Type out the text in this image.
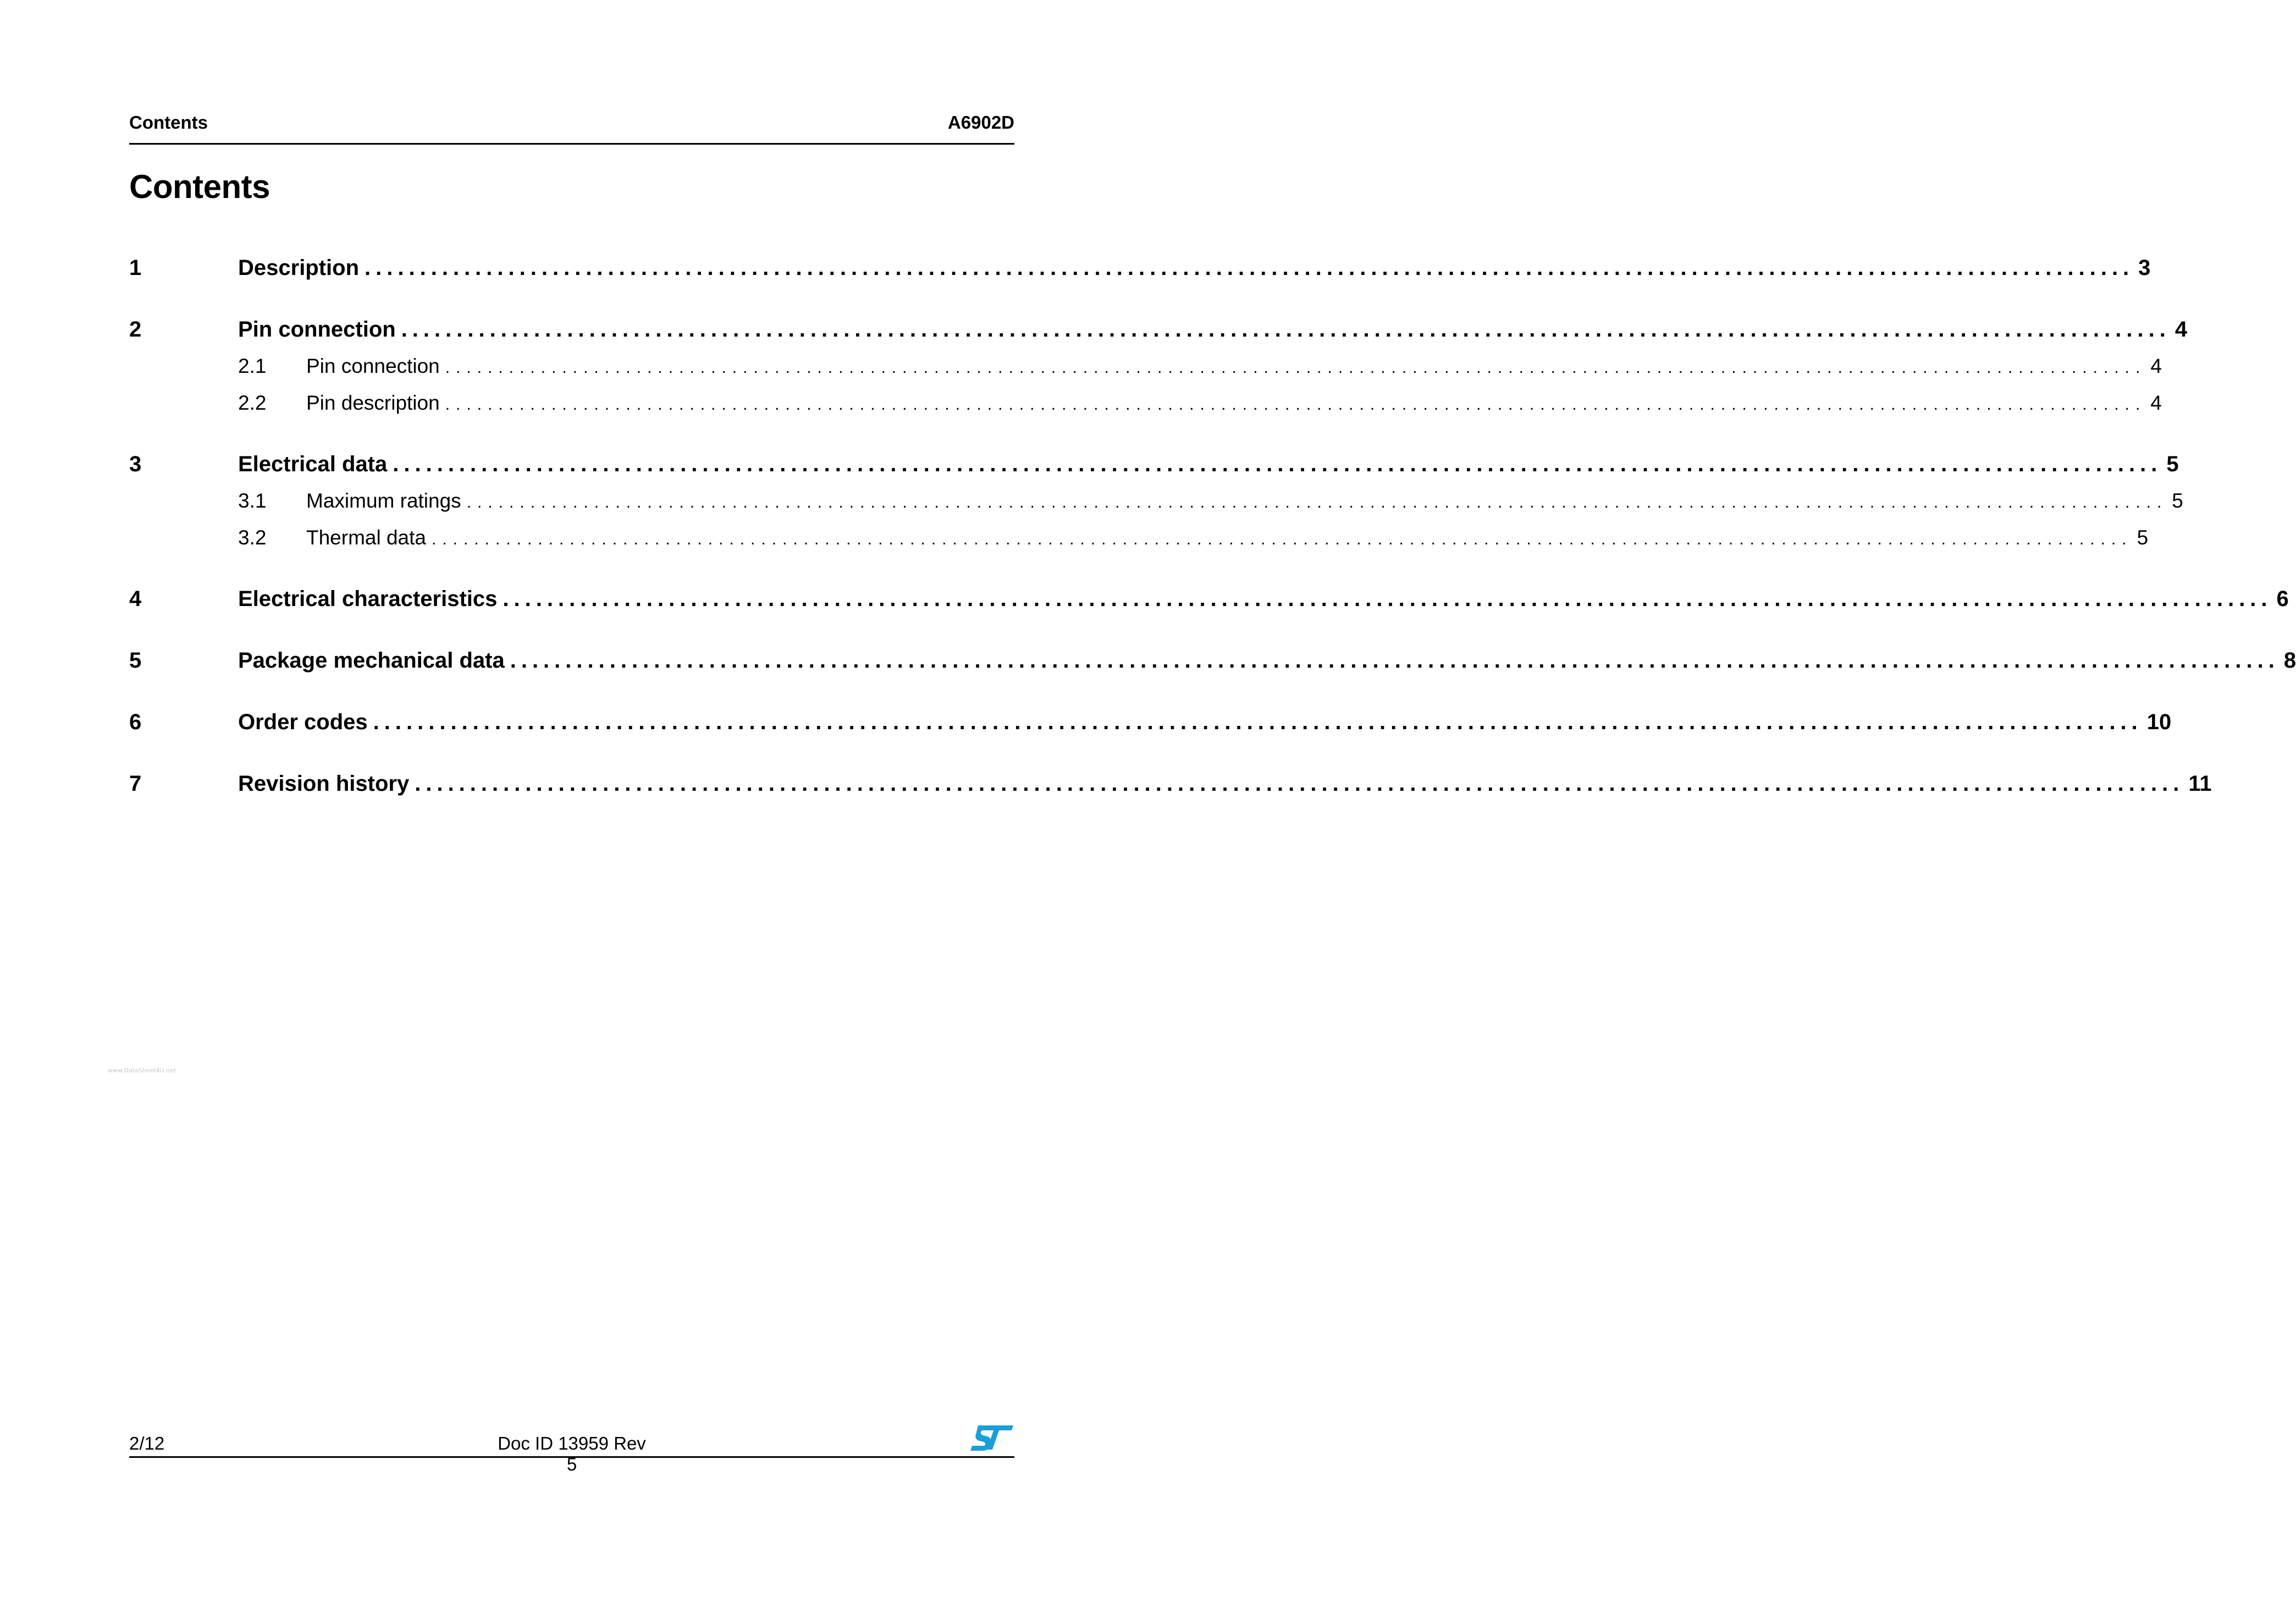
Contents	A6902D
Contents
1	Description ................................................................................................................................................................ 3
2	Pin connection ................................................................................................................................................................ 4
2.1	Pin connection ................................................................................................................................................................ 4
2.2	Pin description ................................................................................................................................................................ 4
3	Electrical data ................................................................................................................................................................ 5
3.1	Maximum ratings ................................................................................................................................................................ 5
3.2	Thermal data ................................................................................................................................................................ 5
4	Electrical characteristics ................................................................................................................................................................ 6
5	Package mechanical data ................................................................................................................................................................ 8
6	Order codes ................................................................................................................................................................ 10
7	Revision history ................................................................................................................................................................ 11
www.DataSheet4U.net
2/12	Doc ID 13959 Rev 5
